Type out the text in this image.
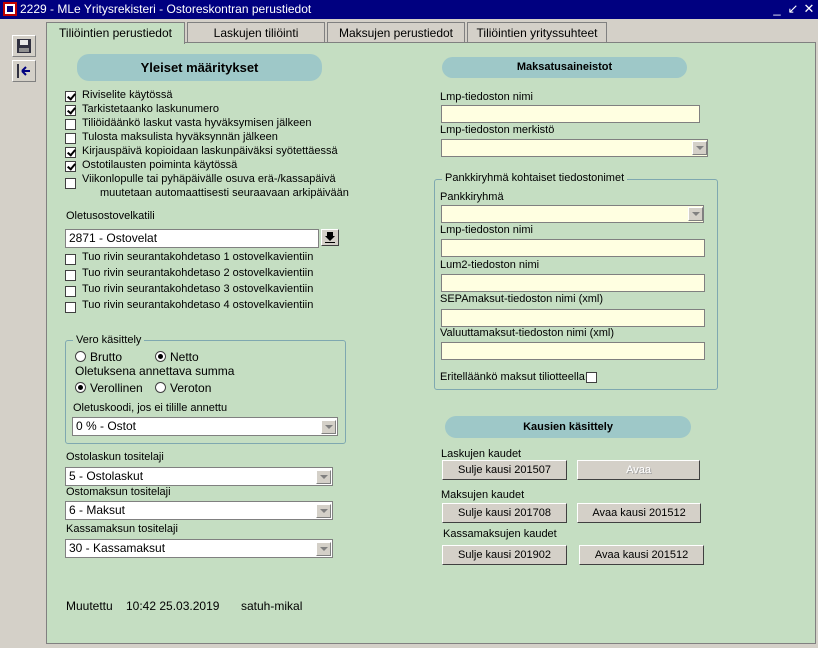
2229 - MLe Yritysrekisteri - Ostoreskontran perustiedot	_ ↙ ✕
Tiliöintien perustiedot	Laskujen tiliöinti	Maksujen perustiedot	Tiliöintien yrityssuhteet
Yleiset määritykset
Riviselite käytössä
Tarkistetaanko laskunumero
Tiliöidäänkö laskut vasta hyväksymisen jälkeen
Tulosta maksulista hyväksynnän jälkeen
Kirjauspäivä kopioidaan laskunpäiväksi syötettäessä
Ostotilausten poiminta käytössä
Viikonlopulle tai pyhäpäivälle osuva erä-/kassapäivä
muutetaan automaattisesti seuraavaan arkipäivään
Oletusostovelkatili
2871 - Ostovelat
Tuo rivin seurantakohdetaso 1 ostovelkavientiin
Tuo rivin seurantakohdetaso 2 ostovelkavientiin
Tuo rivin seurantakohdetaso 3 ostovelkavientiin
Tuo rivin seurantakohdetaso 4 ostovelkavientiin
Vero käsittely
Brutto	Netto
Oletuksena annettava summa
Verollinen Veroton
Oletuskoodi, jos ei tilille annettu
0 % - Ostot
Ostolaskun tositelaji
5 - Ostolaskut
Ostomaksun tositelaji
6 - Maksut
Kassamaksun tositelaji
30 - Kassamaksut
Muutettu 10:42 25.03.2019 satuh-mikal
Maksatusaineistot
Lmp-tiedoston nimi
Lmp-tiedoston merkistö
Pankkiryhmä kohtaiset tiedostonimet
Pankkiryhmä
Lmp-tiedoston nimi
Lum2-tiedoston nimi
SEPAmaksut-tiedoston nimi (xml)
Valuuttamaksut-tiedoston nimi (xml)
Eritelläänkö maksut tiliotteella
Kausien käsittely
Laskujen kaudet
Sulje kausi 201507	Avaa
Maksujen kaudet
Sulje kausi 201708	Avaa kausi 201512
Kassamaksujen kaudet
Sulje kausi 201902	Avaa kausi 201512
